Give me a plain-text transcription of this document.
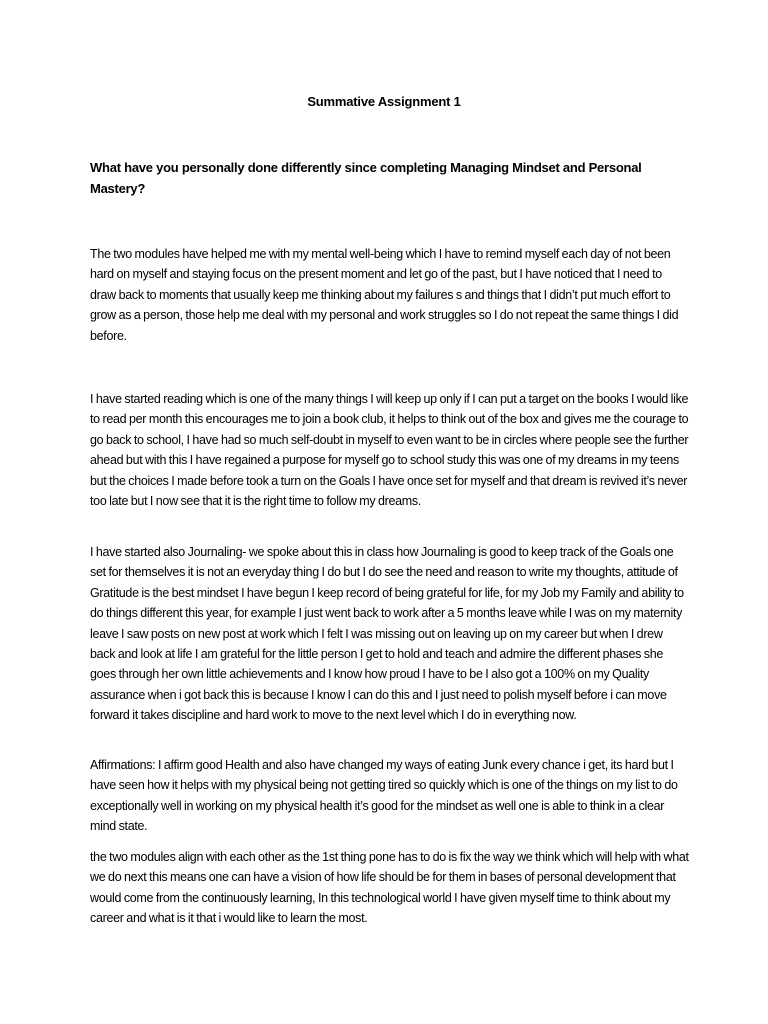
Summative Assignment 1
What have you personally done differently since completing Managing Mindset and Personal Mastery?

The two modules have helped me with my mental well-being which I have to remind myself each day of not been hard on myself and staying focus on the present moment and let go of the past, but I have noticed that I need to draw back to moments that usually keep me thinking about my failures s and things that I didn’t put much effort to grow as a person, those help me deal with my personal and work struggles so I do not repeat the same things I did before.

I have started reading which is one of the many things I will keep up only if I can put a target on the books I would like to read per month this encourages me to join a book club, it helps to think out of the box and gives me the courage to go back to school, I have had so much self-doubt in myself to even want to be in circles where people see the further ahead but with this I have regained a purpose for myself go to school study this was one of my dreams in my teens but the choices I made before took a turn on the Goals I have once set for myself and that dream is revived it’s never too late but I now see that it is the right time to follow my dreams.

I have started also Journaling- we spoke about this in class how Journaling is good to keep track of the Goals one set for themselves it is not an everyday thing I do but I do see the need and reason to write my thoughts, attitude of Gratitude is the best mindset I have begun I keep record of being grateful for life, for my Job my Family and ability to do things different this year, for example I just went back to work after a 5 months leave while I was on my maternity leave I saw posts on new post at work which I felt I was missing out on leaving up on my career but when I drew back and look at life I am grateful for the little person I get to hold and teach and admire the different phases she goes through her own little achievements and I know how proud I have to be I also got a 100% on my Quality assurance when i got back this is because I know I can do this and I just need to polish myself before i can move forward it takes discipline and hard work to move to the next level which I do in everything now.

Affirmations: I affirm good Health and also have changed my ways of eating Junk every chance i get, its hard but I have seen how it helps with my physical being not getting tired so quickly which is one of the things on my list to do exceptionally well in working on my physical health it’s good for the mindset as well one is able to think in a clear mind state.

the two modules align with each other as the 1st thing pone has to do is fix the way we think which will help with what we do next this means one can have a vision of how life should be for them in bases of personal development that would come from the continuously learning, In this technological world I have given myself time to think about my career and what is it that i would like to learn the most.
